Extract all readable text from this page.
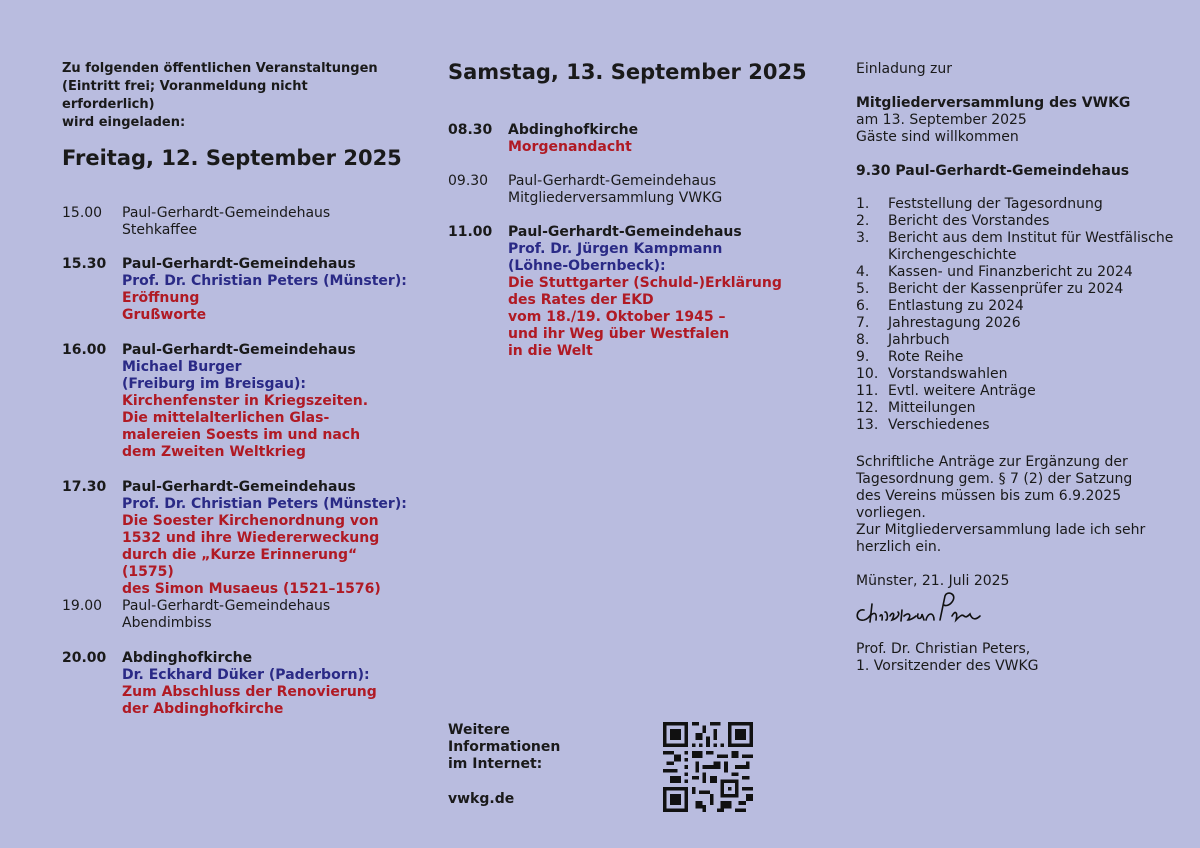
Zu folgenden öffentlichen Veranstaltungen
(Eintritt frei; Voranmeldung nicht erforderlich)
wird eingeladen:
Freitag, 12. September 2025
15.00	Paul-Gerhardt-Gemeindehaus
Stehkaffee
15.30	Paul-Gerhardt-Gemeindehaus
Prof. Dr. Christian Peters (Münster):
Eröffnung
Grußworte
16.00	Paul-Gerhardt-Gemeindehaus
Michael Burger
(Freiburg im Breisgau):
Kirchenfenster in Kriegszeiten.
Die mittelalterlichen Glas-
malereien Soests im und nach
dem Zweiten Weltkrieg
17.30	Paul-Gerhardt-Gemeindehaus
Prof. Dr. Christian Peters (Münster):
Die Soester Kirchenordnung von
1532 und ihre Wiedererweckung
durch die „Kurze Erinnerung“ (1575)
des Simon Musaeus (1521–1576)
19.00	Paul-Gerhardt-Gemeindehaus
Abendimbiss
20.00	Abdinghofkirche
Dr. Eckhard Düker (Paderborn):
Zum Abschluss der Renovierung
der Abdinghofkirche
Samstag, 13. September 2025
08.30	Abdinghofkirche
Morgenandacht
09.30	Paul-Gerhardt-Gemeindehaus
Mitgliederversammlung VWKG
11.00	Paul-Gerhardt-Gemeindehaus
Prof. Dr. Jürgen Kampmann
(Löhne-Obernbeck):
Die Stuttgarter (Schuld-)Erklärung
des Rates der EKD
vom 18./19. Oktober 1945 –
und ihr Weg über Westfalen
in die Welt
Weitere
Informationen
im Internet:
vwkg.de
Einladung zur
Mitgliederversammlung des VWKG
am 13. September 2025
Gäste sind willkommen
9.30 Paul-Gerhardt-Gemeindehaus
1. Feststellung der Tagesordnung
2. Bericht des Vorstandes
3. Bericht aus dem Institut für Westfälische Kirchengeschichte
4. Kassen- und Finanzbericht zu 2024
5. Bericht der Kassenprüfer zu 2024
6. Entlastung zu 2024
7. Jahrestagung 2026
8. Jahrbuch
9. Rote Reihe
10. Vorstandswahlen
11. Evtl. weitere Anträge
12. Mitteilungen
13. Verschiedenes
Schriftliche Anträge zur Ergänzung der Tagesordnung gem. § 7 (2) der Satzung des Vereins müssen bis zum 6.9.2025 vorliegen.
Zur Mitgliederversammlung lade ich sehr herzlich ein.
Münster, 21. Juli 2025
Prof. Dr. Christian Peters,
1. Vorsitzender des VWKG
